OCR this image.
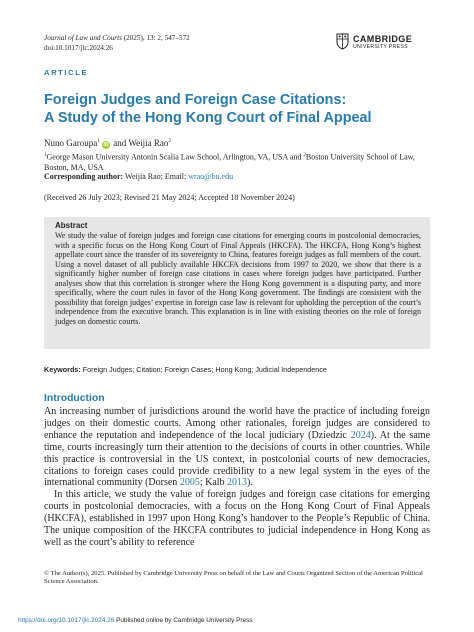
Journal of Law and Courts (2025), 13: 2, 547–572
doi:10.1017/jlc.2024.26
CAMBRIDGE
UNIVERSITY PRESS
ARTICLE
Foreign Judges and Foreign Case Citations:
A Study of the Hong Kong Court of Final Appeal
Nuno Garoupa$^1$iD and Weijia Rao$^2$
$^1$George Mason University Antonin Scalia Law School, Arlington, VA, USA and $^2$Boston University School of Law, Boston, MA, USA
Corresponding author: Weijia Rao; Email: wrao@bu.edu
(Received 26 July 2023; Revised 21 May 2024; Accepted 18 November 2024)
Abstract

We study the value of foreign judges and foreign case citations for emerging courts in postcolonial democracies, with a specific focus on the Hong Kong Court of Final Appeals (HKCFA). The HKCFA, Hong Kong’s highest appellate court since the transfer of its sovereignty to China, features foreign judges as full members of the court. Using a novel dataset of all publicly available HKCFA decisions from 1997 to 2020, we show that there is a significantly higher number of foreign case citations in cases where foreign judges have participated. Further analyses show that this correlation is stronger where the Hong Kong government is a disputing party, and more specifically, where the court rules in favor of the Hong Kong government. The findings are consistent with the possibility that foreign judges’ expertise in foreign case law is relevant for upholding the perception of the court’s independence from the executive branch. This explanation is in line with existing theories on the role of foreign judges on domestic courts.

Keywords: Foreign Judges; Citation; Foreign Cases; Hong Kong; Judicial Independence
Introduction

An increasing number of jurisdictions around the world have the practice of including foreign judges on their domestic courts. Among other rationales, foreign judges are considered to enhance the reputation and independence of the local judiciary (Dziedzic 2024). At the same time, courts increasingly turn their attention to the decisions of courts in other countries. While this practice is controversial in the US context, in postcolonial courts of new democracies, citations to foreign cases could provide credibility to a new legal system in the eyes of the international community (Dorsen 2005; Kalb 2013).

In this article, we study the value of foreign judges and foreign case citations for emerging courts in postcolonial democracies, with a focus on the Hong Kong Court of Final Appeals (HKCFA), established in 1997 upon Hong Kong’s handover to the People’s Republic of China. The unique composition of the HKCFA contributes to judicial independence in Hong Kong as well as the court’s ability to reference

© The Author(s), 2025. Published by Cambridge University Press on behalf of the Law and Courts Organized Section of the American Political Science Association.
https://doi.org/10.1017/jlc.2024.26 Published online by Cambridge University Press
